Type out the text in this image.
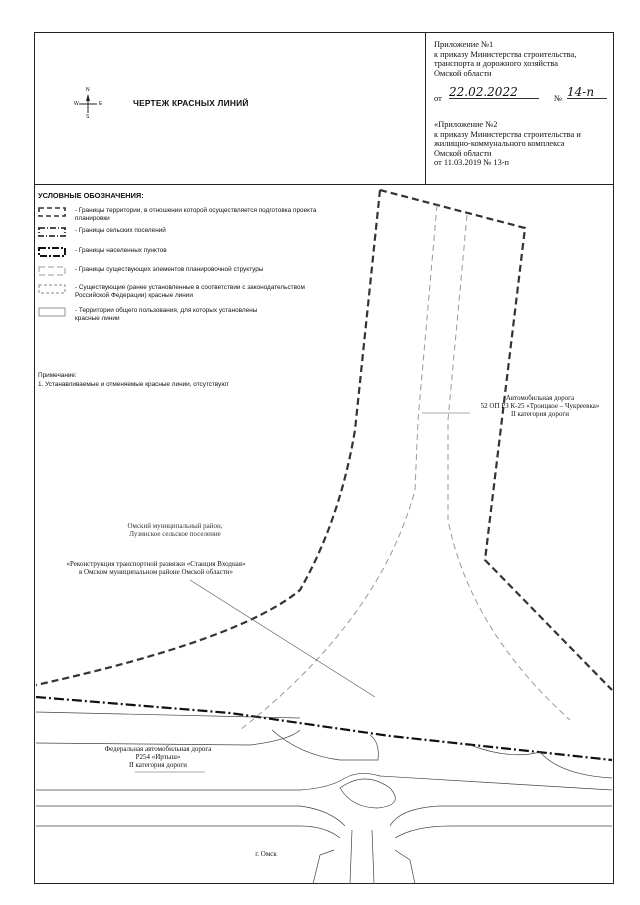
Приложение №1
к приказу Министерства строительства,
транспорта и дорожного хозяйства
Омской области
от 22.02.2022	№ 14-п
«Приложение №2
к приказу Министерства строительства и
жилищно-коммунального комплекса
Омской области
от 11.03.2019 № 13-п
N
S
W	E	ЧЕРТЕЖ КРАСНЫХ ЛИНИЙ
УСЛОВНЫЕ ОБОЗНАЧЕНИЯ:
- Границы территории, в отношении которой осуществляется подготовка проекта планировки
- Границы сельских поселений
- Границы населенных пунктов
- Границы существующих элементов планировочной структуры
- Существующие (ранее установленные в соответствии с законодательством Российской Федерации) красные линии
- Территории общего пользования, для которых установлены красные линии
Примечание:
1. Устанавливаемые и отменяемые красные линии, отсутствуют
Автомобильная дорога
52 ОП РЗ К-25 «Троицкое – Чукреевка»
II категория дороги
Омский муниципальный район,
Лузинское сельское поселение
«Реконструкция транспортной развязки «Станция Входная»
в Омском муниципальном районе Омской области»
Федеральная автомобильная дорога
Р254 «Иртыш»
II категория дороги
г. Омск
